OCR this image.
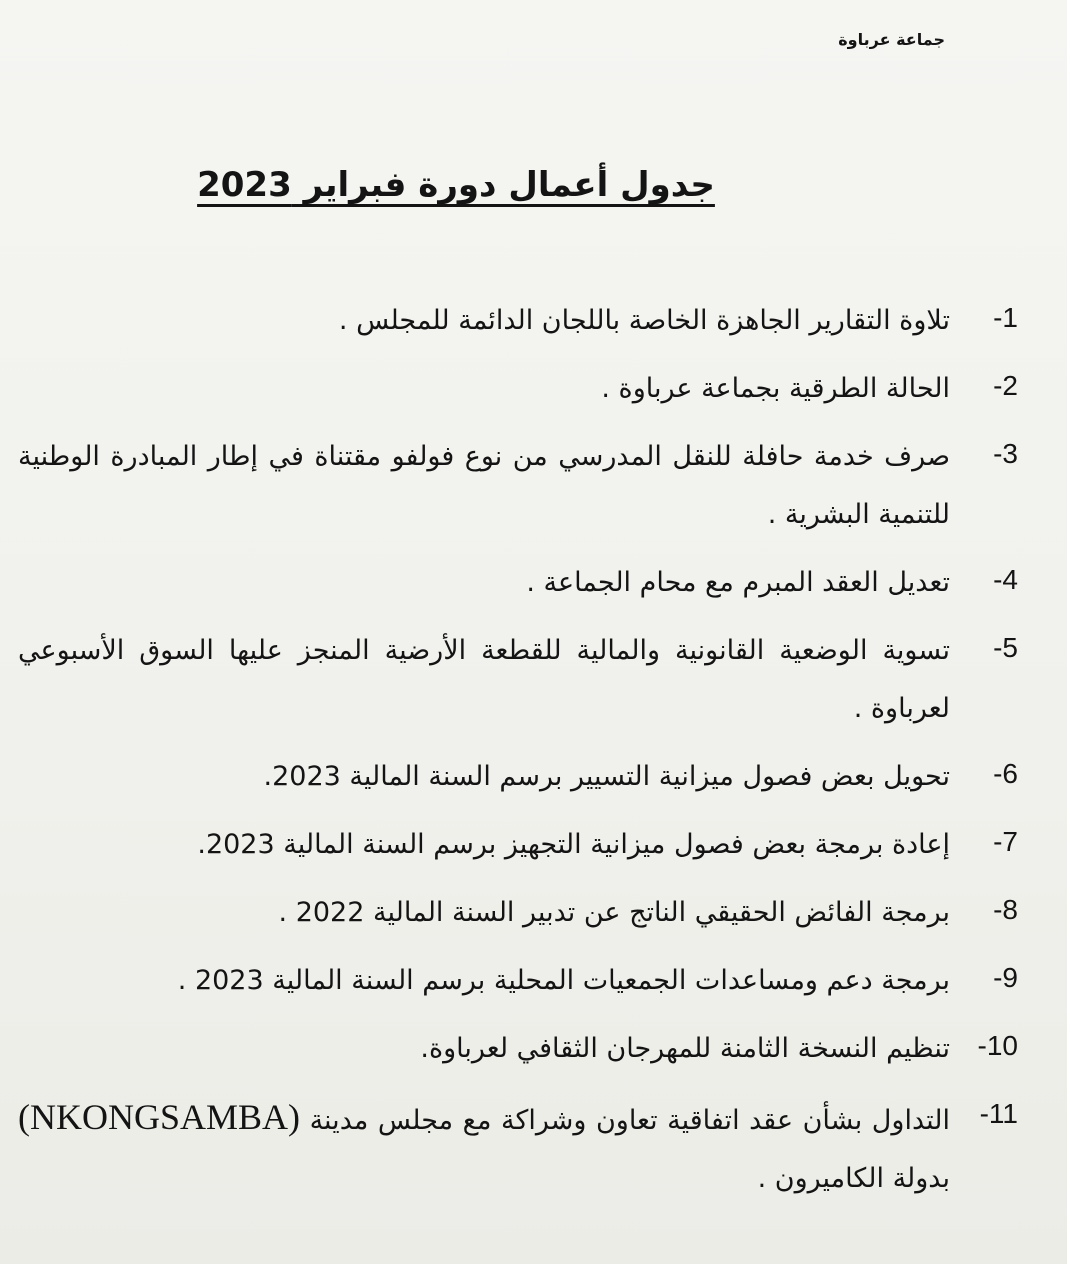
جماعة عرباوة
جدول أعمال دورة فبراير 2023
-1
تلاوة التقارير الجاهزة الخاصة باللجان الدائمة للمجلس .
-2
الحالة الطرقية بجماعة عرباوة .
-3
صرف خدمة حافلة للنقل المدرسي من نوع فولفو مقتناة في إطار المبادرة الوطنية للتنمية البشرية .
-4
تعديل العقد المبرم مع محام الجماعة .
-5
تسوية الوضعية القانونية والمالية للقطعة الأرضية المنجز عليها السوق الأسبوعي لعرباوة .
-6
تحويل بعض فصول ميزانية التسيير برسم السنة المالية 2023.
-7
إعادة برمجة بعض فصول ميزانية التجهيز برسم السنة المالية 2023.
-8
برمجة الفائض الحقيقي الناتج عن تدبير السنة المالية 2022 .
-9
برمجة دعم ومساعدات الجمعيات المحلية برسم السنة المالية 2023 .
-10
تنظيم النسخة الثامنة للمهرجان الثقافي لعرباوة.
-11
التداول بشأن عقد اتفاقية تعاون وشراكة مع مجلس مدينة (NKONGSAMBA) بدولة الكاميرون .
